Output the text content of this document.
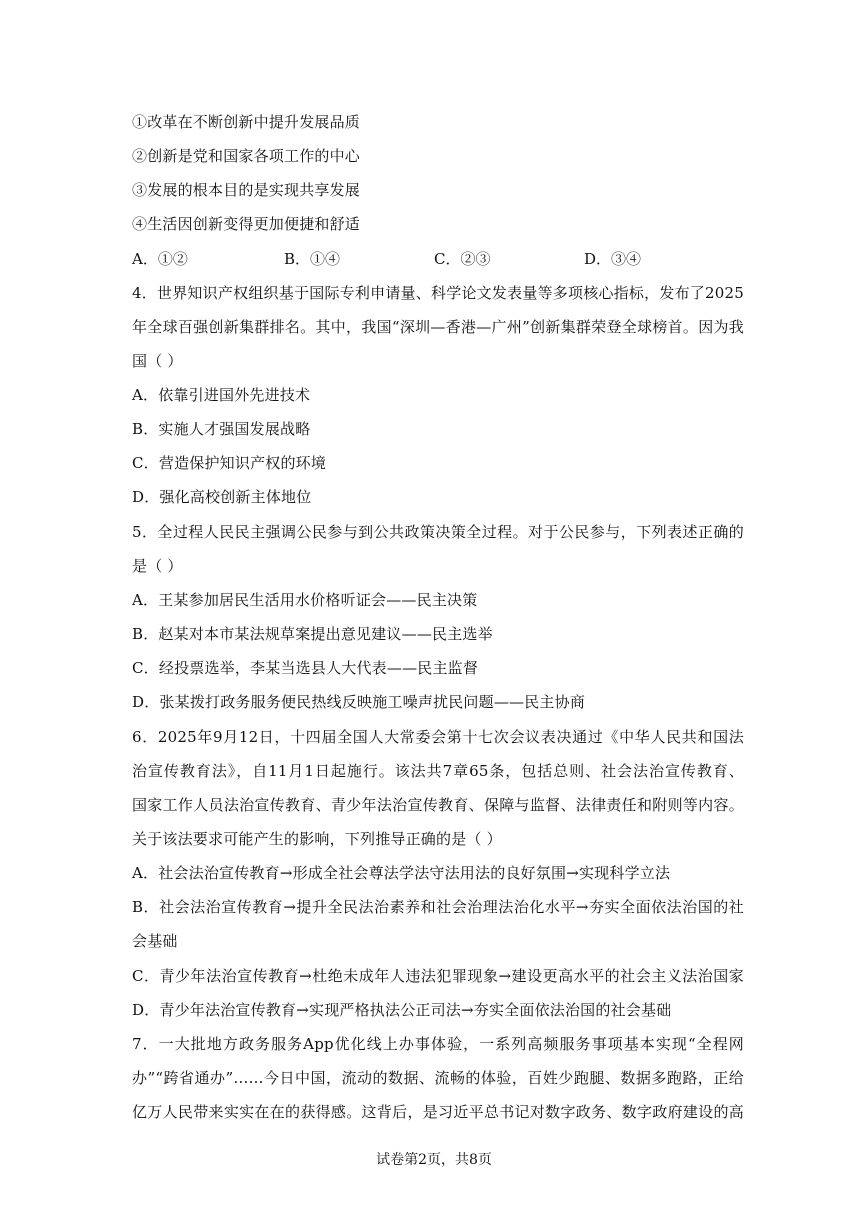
①改革在不断创新中提升发展品质
②创新是党和国家各项工作的中心
③发展的根本目的是实现共享发展
④生活因创新变得更加便捷和舒适
A．①②	B．①④	C．②③	D．③④
4．世界知识产权组织基于国际专利申请量、科学论文发表量等多项核心指标，发布了2025
年全球百强创新集群排名。其中，我国“深圳—香港—广州”创新集群荣登全球榜首。因为我
国（ ）
A．依靠引进国外先进技术
B．实施人才强国发展战略
C．营造保护知识产权的环境
D．强化高校创新主体地位
5．全过程人民民主强调公民参与到公共政策决策全过程。对于公民参与，下列表述正确的
是（ ）
A．王某参加居民生活用水价格听证会——民主决策
B．赵某对本市某法规草案提出意见建议——民主选举
C．经投票选举，李某当选县人大代表——民主监督
D．张某拨打政务服务便民热线反映施工噪声扰民问题——民主协商
6．2025年9月12日，十四届全国人大常委会第十七次会议表决通过《中华人民共和国法
治宣传教育法》，自11月1日起施行。该法共7章65条，包括总则、社会法治宣传教育、
国家工作人员法治宣传教育、青少年法治宣传教育、保障与监督、法律责任和附则等内容。
关于该法要求可能产生的影响，下列推导正确的是（ ）
A．社会法治宣传教育→形成全社会尊法学法守法用法的良好氛围→实现科学立法
B．社会法治宣传教育→提升全民法治素养和社会治理法治化水平→夯实全面依法治国的社
会基础
C．青少年法治宣传教育→杜绝未成年人违法犯罪现象→建设更高水平的社会主义法治国家
D．青少年法治宣传教育→实现严格执法公正司法→夯实全面依法治国的社会基础
7．一大批地方政务服务App优化线上办事体验，一系列高频服务事项基本实现“全程网
办”“跨省通办”……今日中国，流动的数据、流畅的体验，百姓少跑腿、数据多跑路，正给
亿万人民带来实实在在的获得感。这背后，是习近平总书记对数字政务、数字政府建设的高
试卷第2页，共8页
